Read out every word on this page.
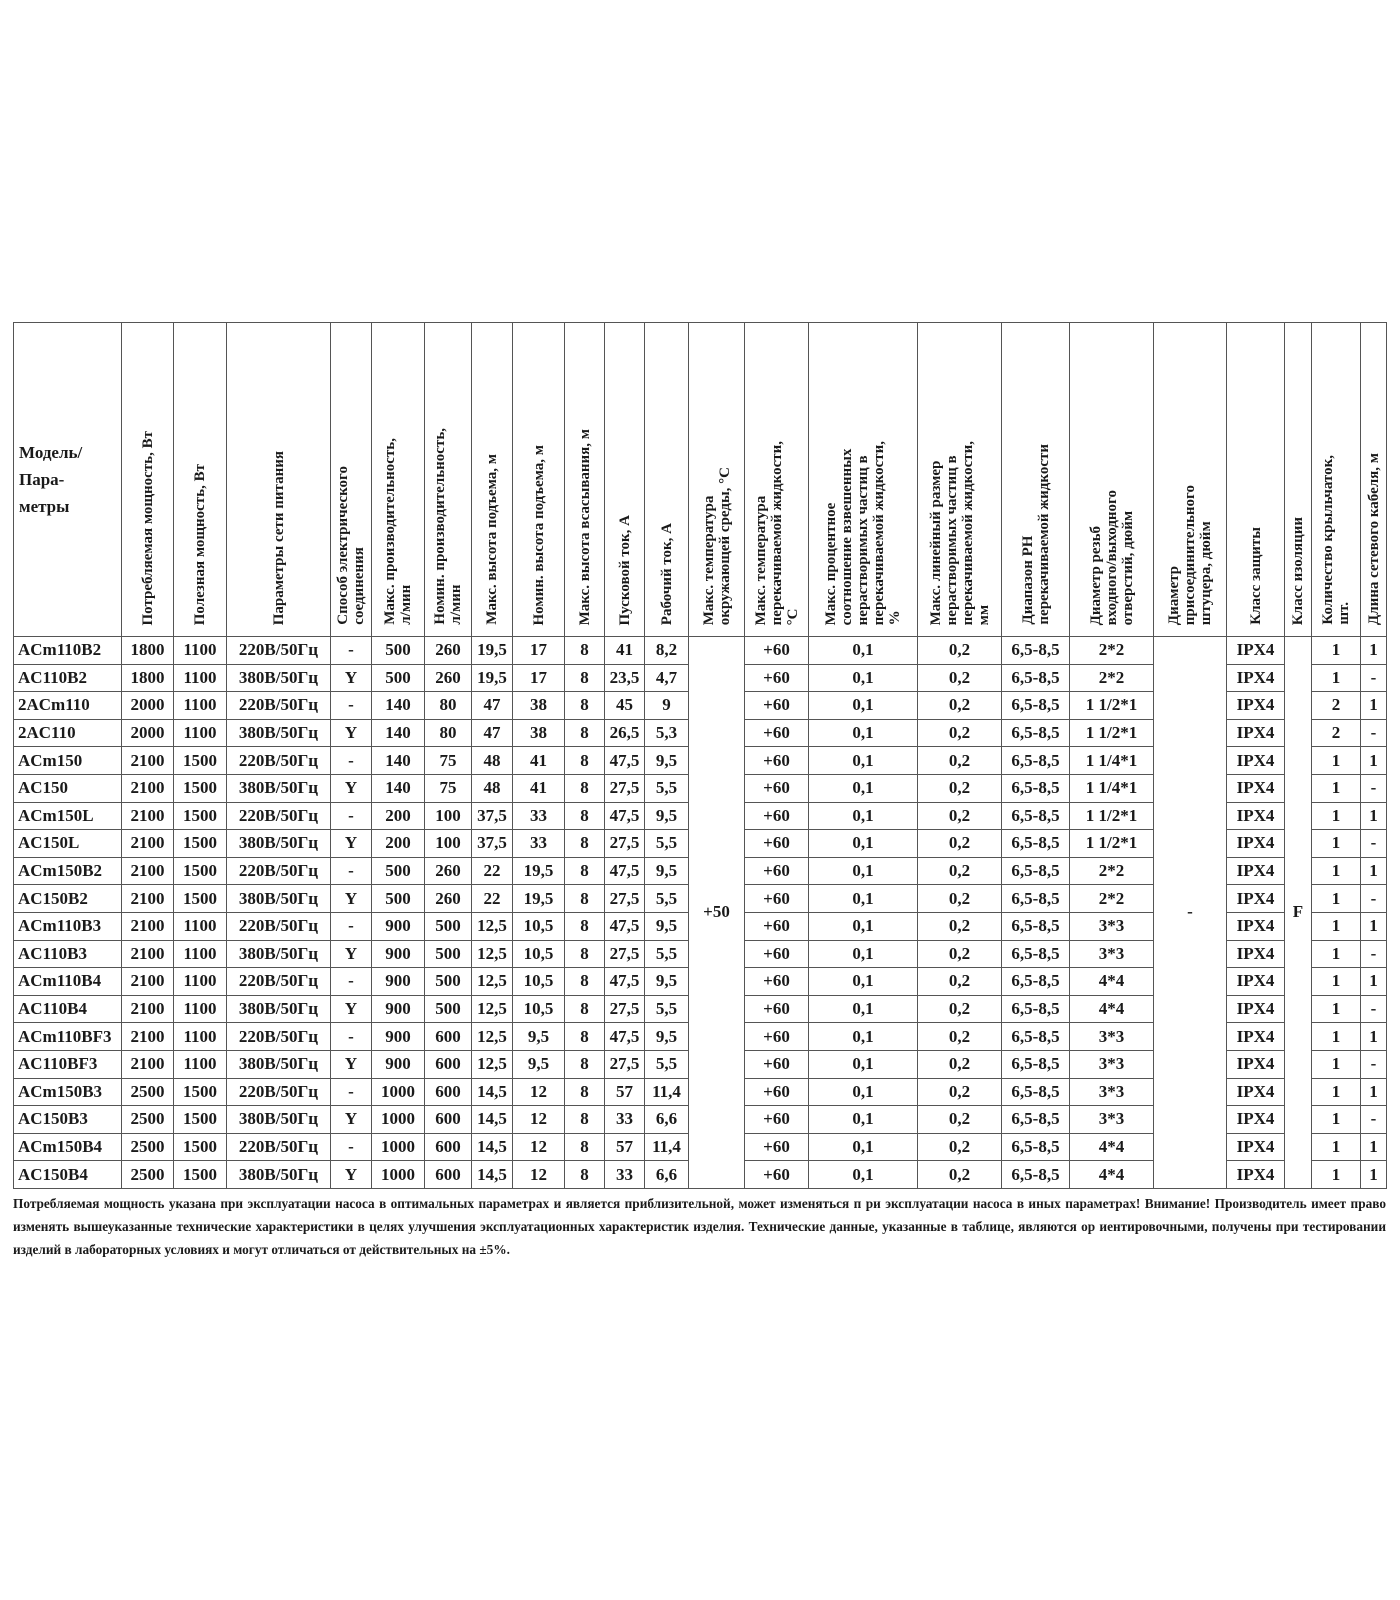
Модель/
Пара-
метры	Потребляемая мощность, Вт	Полезная мощность, Вт	Параметры сети питания	Способ электрического
соединения	Макс. производительность,
л/мин	Номин. производительность,
л/мин	Макс. высота подъема, м	Номин. высота подъема, м	Макс. высота всасывания, м	Пусковой ток, А	Рабочий ток, А	Макс. температура
окружающей среды, °С	Макс. температура
перекачиваемой жидкости,
°С	Макс. процентное
соотношение взвешенных
нерастворимых частиц в
перекачиваемой жидкости,
%	Макс. линейный размер
нерастворимых частиц в
перекачиваемой жидкости,
мм	Диапазон РН
перекачиваемой жидкости	Диаметр резьб
входного/выходного
отверстий, дюйм	Диаметр
присоединительного
штуцера, дюйм	Класс защиты	Класс изоляции	Количество крыльчаток,
шт.	Длина сетевого кабеля, м
ACm110B2	1800	1100	220В/50Гц	-	500	260	19,5	17	8	41	8,2	+50	+60	0,1	0,2	6,5-8,5	2*2	-	IPX4	F	1	1
AC110B2	1800	1100	380В/50Гц	Y	500	260	19,5	17	8	23,5	4,7		+60	0,1	0,2	6,5-8,5	2*2		IPX4		1	-
2ACm110	2000	1100	220В/50Гц	-	140	80	47	38	8	45	9		+60	0,1	0,2	6,5-8,5	1 1/2*1		IPX4		2	1
2AC110	2000	1100	380В/50Гц	Y	140	80	47	38	8	26,5	5,3		+60	0,1	0,2	6,5-8,5	1 1/2*1		IPX4		2	-
ACm150	2100	1500	220В/50Гц	-	140	75	48	41	8	47,5	9,5		+60	0,1	0,2	6,5-8,5	1 1/4*1		IPX4		1	1
AC150	2100	1500	380В/50Гц	Y	140	75	48	41	8	27,5	5,5		+60	0,1	0,2	6,5-8,5	1 1/4*1		IPX4		1	-
ACm150L	2100	1500	220В/50Гц	-	200	100	37,5	33	8	47,5	9,5		+60	0,1	0,2	6,5-8,5	1 1/2*1		IPX4		1	1
AC150L	2100	1500	380В/50Гц	Y	200	100	37,5	33	8	27,5	5,5		+60	0,1	0,2	6,5-8,5	1 1/2*1		IPX4		1	-
ACm150B2	2100	1500	220В/50Гц	-	500	260	22	19,5	8	47,5	9,5		+60	0,1	0,2	6,5-8,5	2*2		IPX4		1	1
AC150B2	2100	1500	380В/50Гц	Y	500	260	22	19,5	8	27,5	5,5		+60	0,1	0,2	6,5-8,5	2*2		IPX4		1	-
ACm110B3	2100	1100	220В/50Гц	-	900	500	12,5	10,5	8	47,5	9,5		+60	0,1	0,2	6,5-8,5	3*3		IPX4		1	1
AC110B3	2100	1100	380В/50Гц	Y	900	500	12,5	10,5	8	27,5	5,5		+60	0,1	0,2	6,5-8,5	3*3		IPX4		1	-
ACm110B4	2100	1100	220В/50Гц	-	900	500	12,5	10,5	8	47,5	9,5		+60	0,1	0,2	6,5-8,5	4*4		IPX4		1	1
AC110B4	2100	1100	380В/50Гц	Y	900	500	12,5	10,5	8	27,5	5,5		+60	0,1	0,2	6,5-8,5	4*4		IPX4		1	-
ACm110BF3	2100	1100	220В/50Гц	-	900	600	12,5	9,5	8	47,5	9,5		+60	0,1	0,2	6,5-8,5	3*3		IPX4		1	1
AC110BF3	2100	1100	380В/50Гц	Y	900	600	12,5	9,5	8	27,5	5,5		+60	0,1	0,2	6,5-8,5	3*3		IPX4		1	-
ACm150B3	2500	1500	220В/50Гц	-	1000	600	14,5	12	8	57	11,4		+60	0,1	0,2	6,5-8,5	3*3		IPX4		1	1
AC150B3	2500	1500	380В/50Гц	Y	1000	600	14,5	12	8	33	6,6		+60	0,1	0,2	6,5-8,5	3*3		IPX4		1	-
ACm150B4	2500	1500	220В/50Гц	-	1000	600	14,5	12	8	57	11,4		+60	0,1	0,2	6,5-8,5	4*4		IPX4		1	1
AC150B4	2500	1500	380В/50Гц	Y	1000	600	14,5	12	8	33	6,6		+60	0,1	0,2	6,5-8,5	4*4		IPX4		1	1
Потребляемая мощность указана при эксплуатации насоса в оптимальных параметрах и является приблизительной, может изменяться п ри эксплуатации насоса в иных параметрах! Внимание! Производитель имеет право изменять вышеуказанные технические характеристики в целях улучшения эксплуатационных характеристик изделия. Технические данные, указанные в таблице, являются ор иентировочными, получены при тестировании изделий в лабораторных условиях и могут отличаться от действительных на ±5%.
